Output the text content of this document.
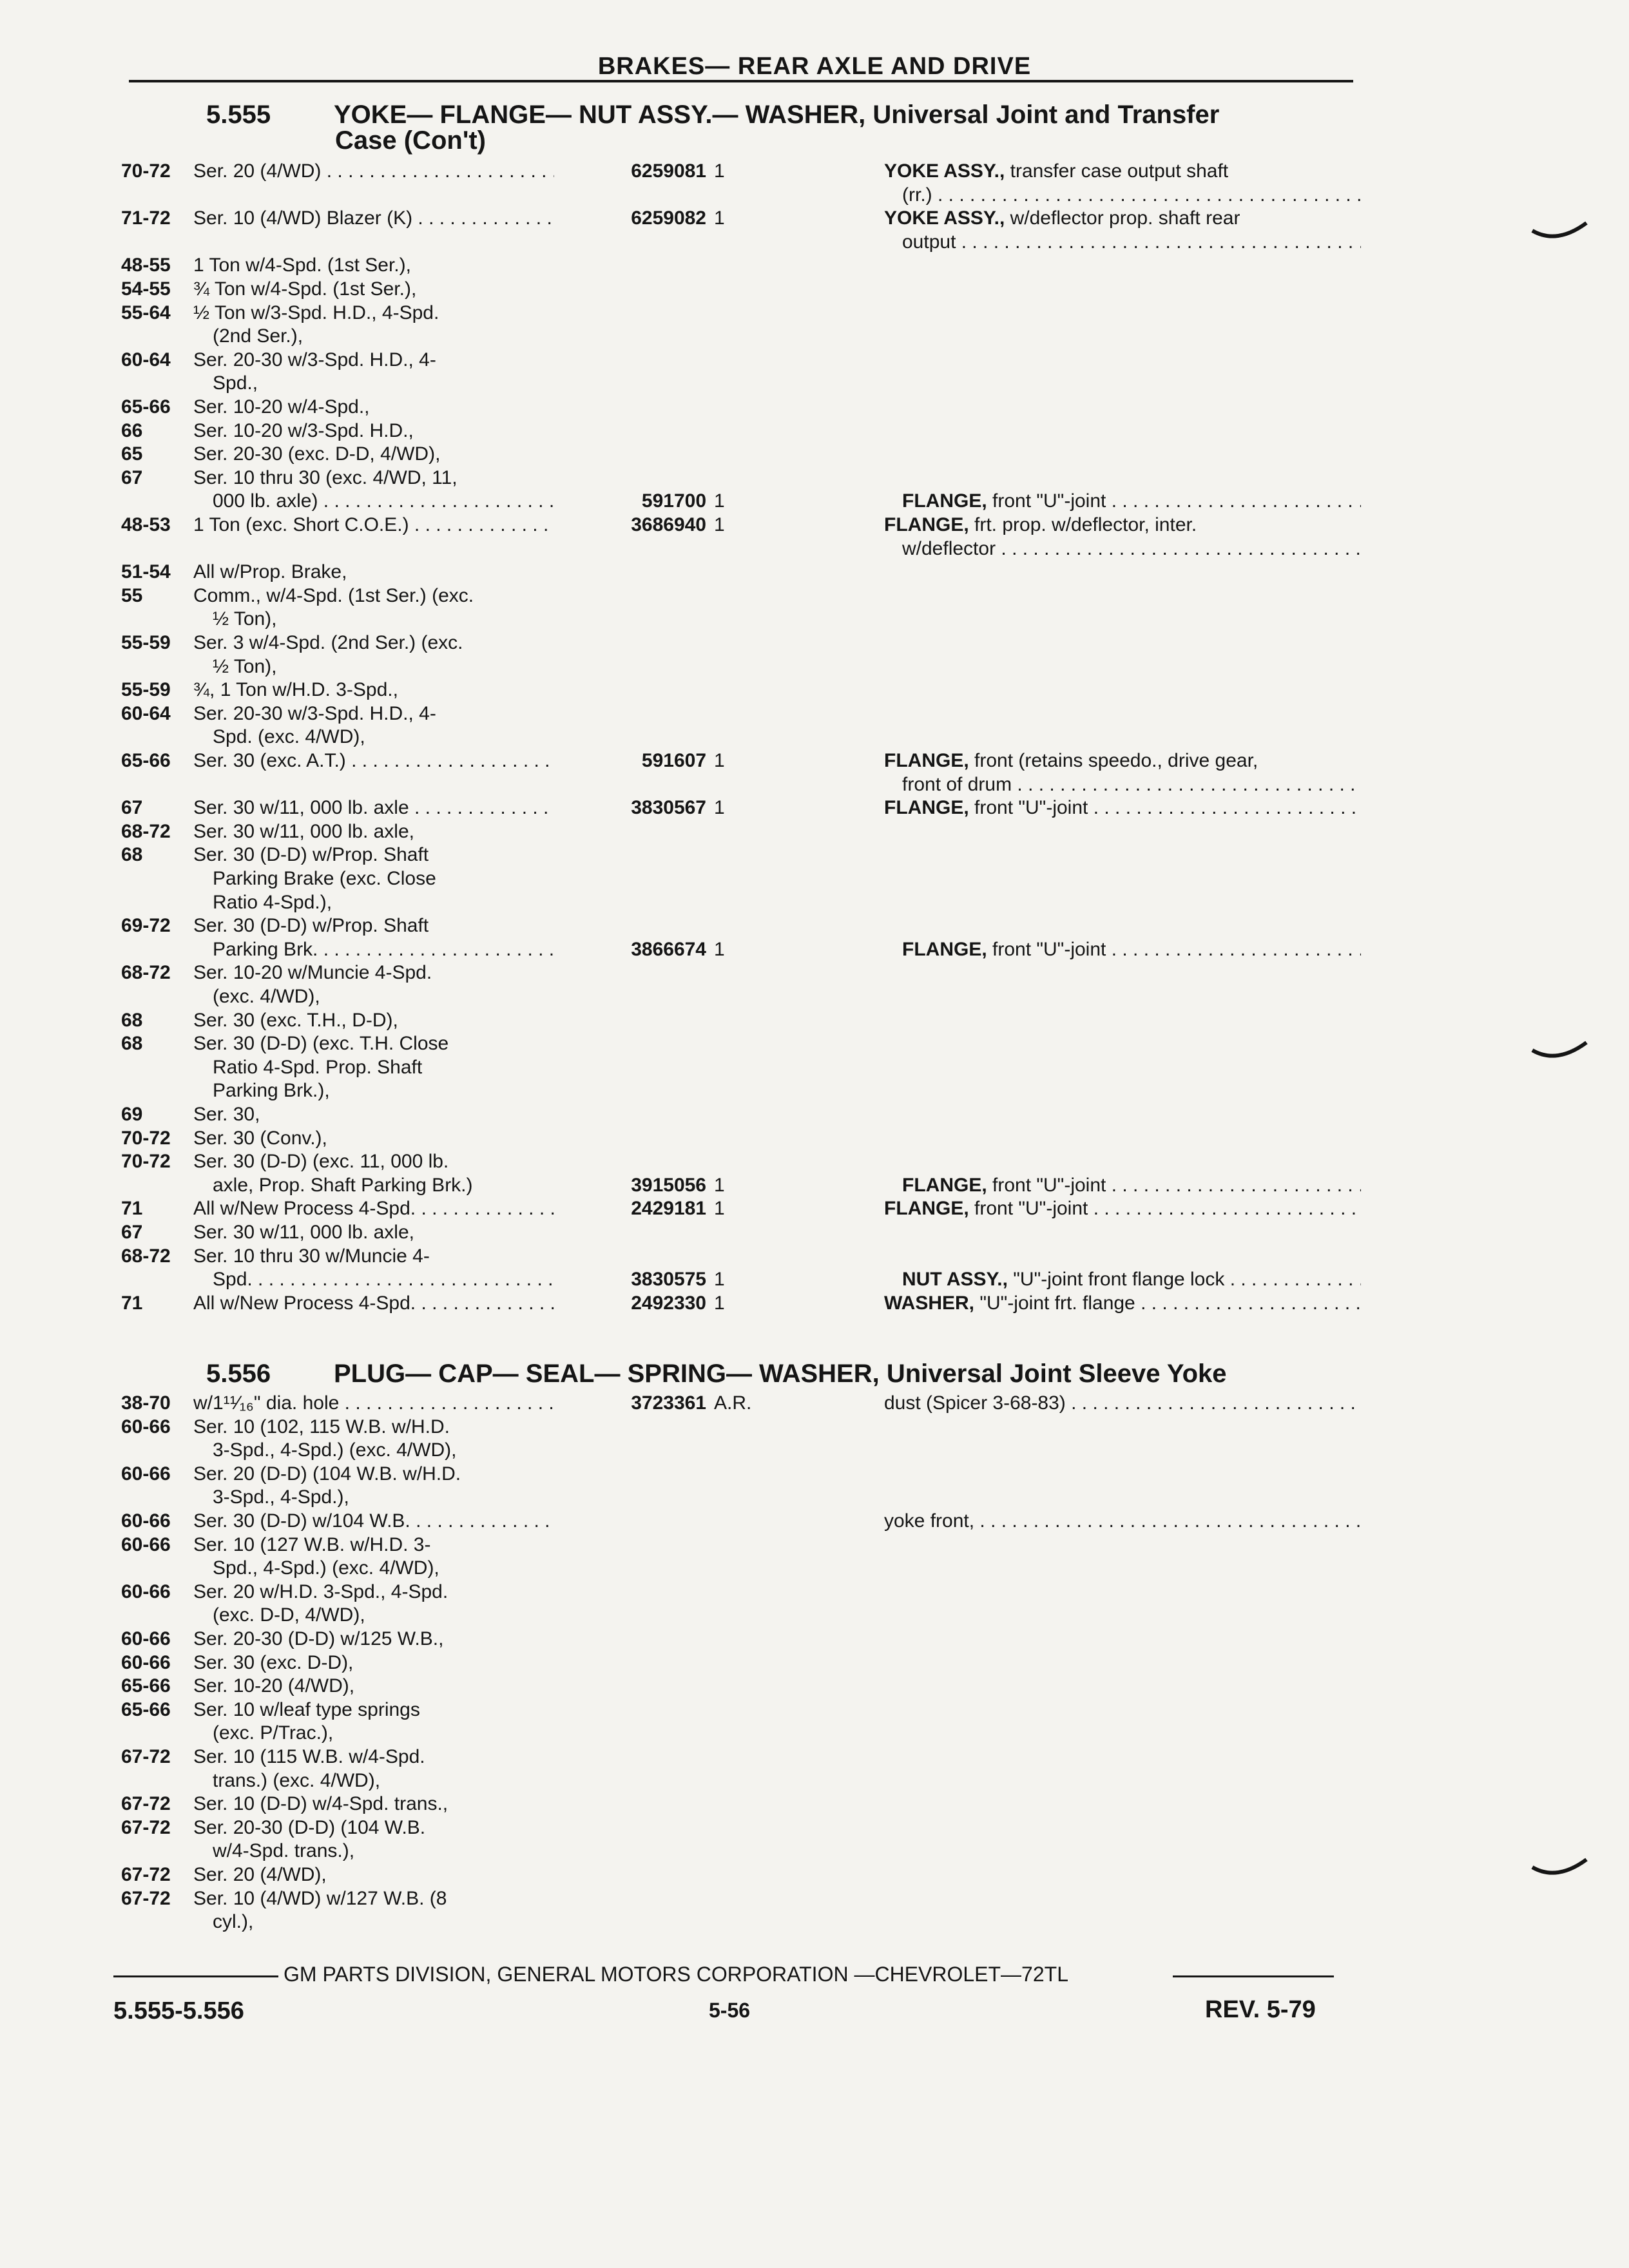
BRAKES— REAR AXLE AND DRIVE
5.555 YOKE— FLANGE— NUT ASSY.— WASHER, Universal Joint and Transfer
Case (Con't)
70-72 Ser. 20 (4/WD) . . .	6259081 1	YOKE ASSY., transfer case output shaft
(rr.) . . .
71-72 Ser. 10 (4/WD) Blazer (K) . . .	6259082 1	YOKE ASSY., w/deflector prop. shaft rear
output . . .
48-55 1 Ton w/4-Spd. (1st Ser.),
54-55 ¾ Ton w/4-Spd. (1st Ser.),
55-64 ½ Ton w/3-Spd. H.D., 4-Spd.
(2nd Ser.),
60-64 Ser. 20-30 w/3-Spd. H.D., 4-
Spd.,
65-66 Ser. 10-20 w/4-Spd.,
66	Ser. 10-20 w/3-Spd. H.D.,
65	Ser. 20-30 (exc. D-D, 4/WD),
67	Ser. 10 thru 30 (exc. 4/WD, 11,
000 lb. axle) . . .	591700 1	FLANGE, front "U"-joint . . .
48-53 1 Ton (exc. Short C.O.E.) . . .	3686940 1	FLANGE, frt. prop. w/deflector, inter.
w/deflector . . .
51-54 All w/Prop. Brake,
55	Comm., w/4-Spd. (1st Ser.) (exc.
½ Ton),
55-59 Ser. 3 w/4-Spd. (2nd Ser.) (exc.
½ Ton),
55-59 ¾, 1 Ton w/H.D. 3-Spd.,
60-64 Ser. 20-30 w/3-Spd. H.D., 4-
Spd. (exc. 4/WD),
65-66 Ser. 30 (exc. A.T.) . . .	591607 1	FLANGE, front (retains speedo., drive gear,
front of drum . . .
67	Ser. 30 w/11, 000 lb. axle . . .	3830567 1	FLANGE, front "U"-joint . . .
68-72 Ser. 30 w/11, 000 lb. axle,
68	Ser. 30 (D-D) w/Prop. Shaft
Parking Brake (exc. Close
Ratio 4-Spd.),
69-72 Ser. 30 (D-D) w/Prop. Shaft
Parking Brk. . . .	3866674 1	FLANGE, front "U"-joint . . .
68-72 Ser. 10-20 w/Muncie 4-Spd.
(exc. 4/WD),
68	Ser. 30 (exc. T.H., D-D),
68	Ser. 30 (D-D) (exc. T.H. Close
Ratio 4-Spd. Prop. Shaft
Parking Brk.),
69	Ser. 30,
70-72 Ser. 30 (Conv.),
70-72 Ser. 30 (D-D) (exc. 11, 000 lb.
axle, Prop. Shaft Parking Brk.)	3915056 1	FLANGE, front "U"-joint . . .
71	All w/New Process 4-Spd. . . .	2429181 1	FLANGE, front "U"-joint . . .
67	Ser. 30 w/11, 000 lb. axle,
68-72 Ser. 10 thru 30 w/Muncie 4-
Spd. . . .	3830575 1	NUT ASSY., "U"-joint front flange lock . . .
71	All w/New Process 4-Spd. . . .	2492330 1	WASHER, "U"-joint frt. flange . . .
5.556 PLUG— CAP— SEAL— SPRING— WASHER, Universal Joint Sleeve Yoke
38-70 w/1¹¹⁄₁₆" dia. hole . . .	3723361 A.R.	dust (Spicer 3-68-83) . . .
60-66 Ser. 10 (102, 115 W.B. w/H.D.
3-Spd., 4-Spd.) (exc. 4/WD),
60-66 Ser. 20 (D-D) (104 W.B. w/H.D.
3-Spd., 4-Spd.),
60-66 Ser. 30 (D-D) w/104 W.B. . . .	yoke front, . . .
60-66 Ser. 10 (127 W.B. w/H.D. 3-
Spd., 4-Spd.) (exc. 4/WD),
60-66 Ser. 20 w/H.D. 3-Spd., 4-Spd.
(exc. D-D, 4/WD),
60-66 Ser. 20-30 (D-D) w/125 W.B.,
60-66 Ser. 30 (exc. D-D),
65-66 Ser. 10-20 (4/WD),
65-66 Ser. 10 w/leaf type springs
(exc. P/Trac.),
67-72 Ser. 10 (115 W.B. w/4-Spd.
trans.) (exc. 4/WD),
67-72 Ser. 10 (D-D) w/4-Spd. trans.,
67-72 Ser. 20-30 (D-D) (104 W.B.
w/4-Spd. trans.),
67-72 Ser. 20 (4/WD),
67-72 Ser. 10 (4/WD) w/127 W.B. (8
cyl.),
GM PARTS DIVISION, GENERAL MOTORS CORPORATION —CHEVROLET—72TL
5.555-5.556	5-56	REV. 5-79
